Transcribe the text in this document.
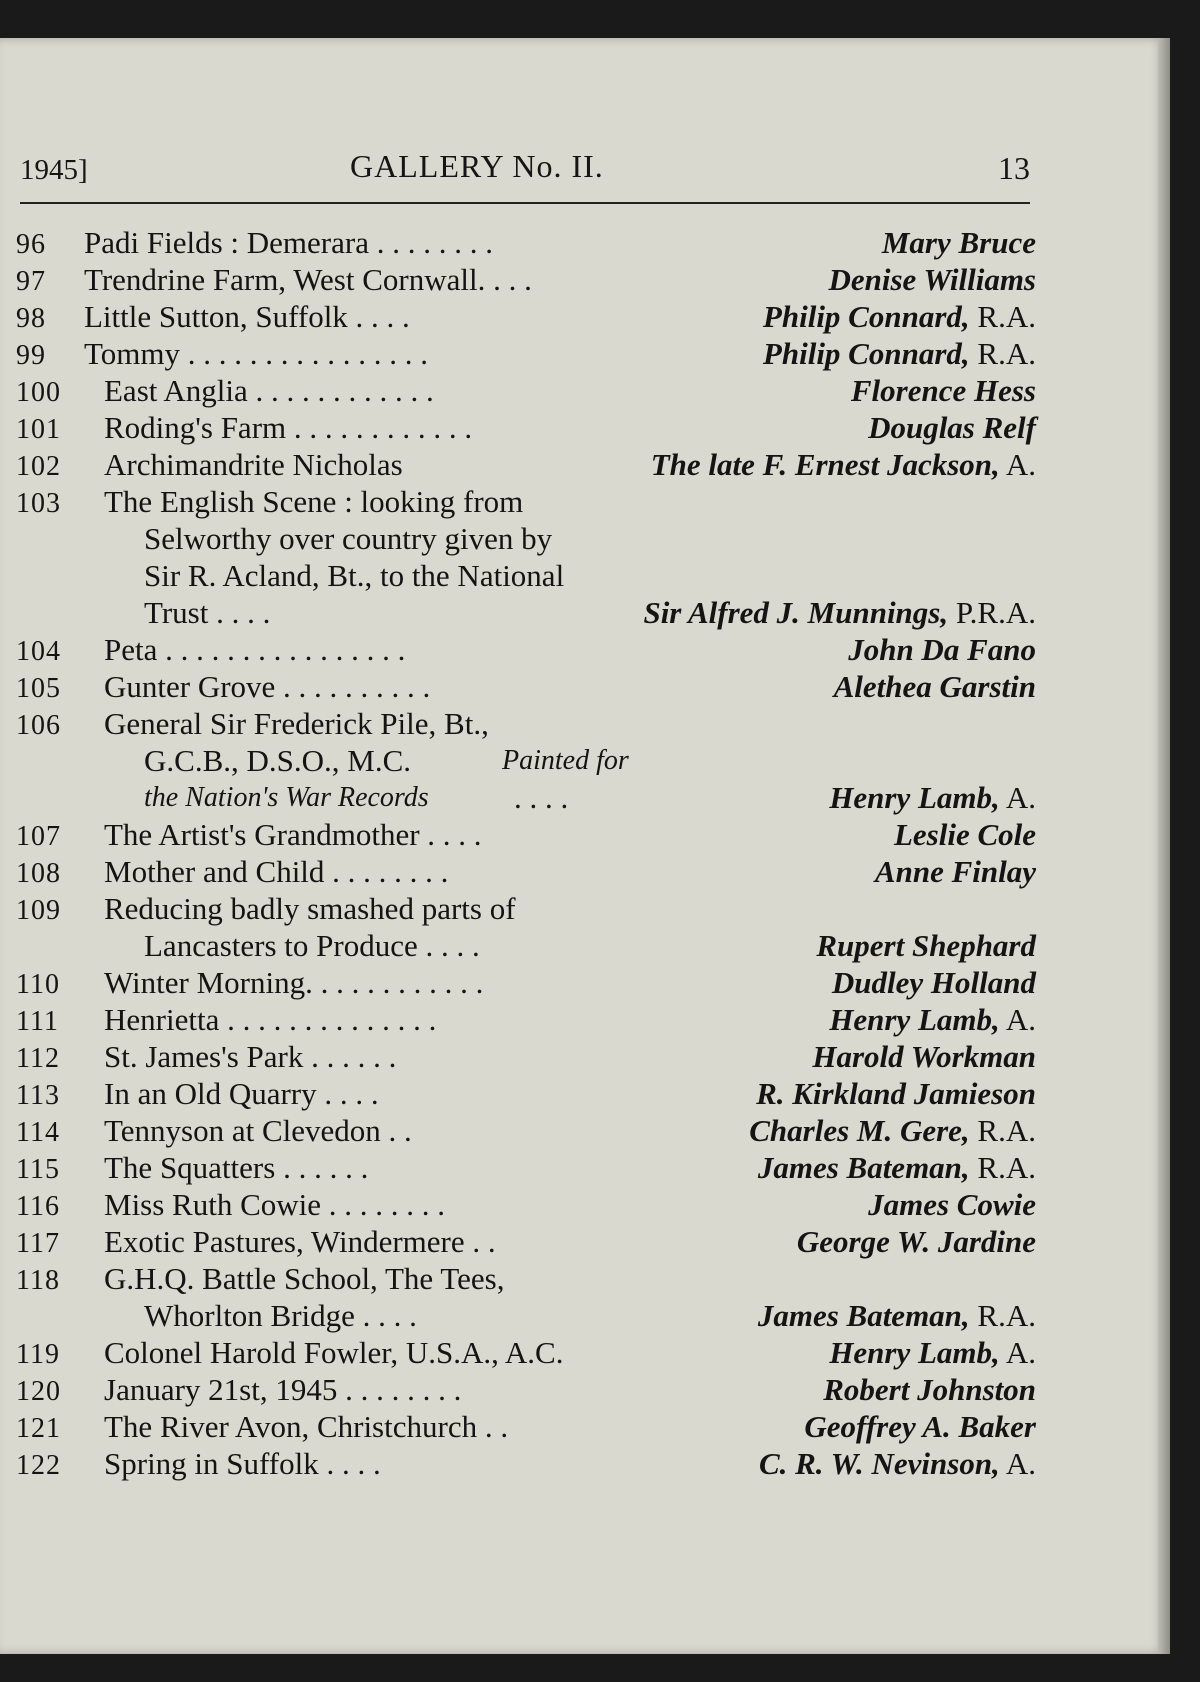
1945]	GALLERY No. II.	13
96 Padi Fields : Demerara . . . . . . . .	Mary Bruce
97 Trendrine Farm, West Cornwall. . . .	Denise Williams
98 Little Sutton, Suffolk . . . .	Philip Connard, R.A.
99 Tommy . . . . . . . . . . . . . . . .	Philip Connard, R.A.
100 East Anglia . . . . . . . . . . . .	Florence Hess
101 Roding's Farm . . . . . . . . . . . .	Douglas Relf
102 Archimandrite Nicholas	The late F. Ernest Jackson, A.
103 The English Scene : looking from
Selworthy over country given by
Sir R. Acland, Bt., to the National
Trust . . . .	Sir Alfred J. Munnings, P.R.A.
104 Peta . . . . . . . . . . . . . . . .	John Da Fano
105 Gunter Grove . . . . . . . . . .	Alethea Garstin
106 General Sir Frederick Pile, Bt.,
G.C.B., D.S.O., M.C.	Painted for
the Nation's War Records	. . . .	Henry Lamb, A.
107 The Artist's Grandmother . . . .	Leslie Cole
108 Mother and Child . . . . . . . .	Anne Finlay
109 Reducing badly smashed parts of
Lancasters to Produce . . . .	Rupert Shephard
110 Winter Morning. . . . . . . . . . . .	Dudley Holland
111 Henrietta . . . . . . . . . . . . . .	Henry Lamb, A.
112 St. James's Park . . . . . .	Harold Workman
113 In an Old Quarry . . . .	R. Kirkland Jamieson
114 Tennyson at Clevedon . .	Charles M. Gere, R.A.
115 The Squatters . . . . . .	James Bateman, R.A.
116 Miss Ruth Cowie . . . . . . . .	James Cowie
117 Exotic Pastures, Windermere . .	George W. Jardine
118 G.H.Q. Battle School, The Tees,
Whorlton Bridge . . . .	James Bateman, R.A.
119 Colonel Harold Fowler, U.S.A., A.C.	Henry Lamb, A.
120 January 21st, 1945 . . . . . . . .	Robert Johnston
121 The River Avon, Christchurch . .	Geoffrey A. Baker
122 Spring in Suffolk . . . .	C. R. W. Nevinson, A.
